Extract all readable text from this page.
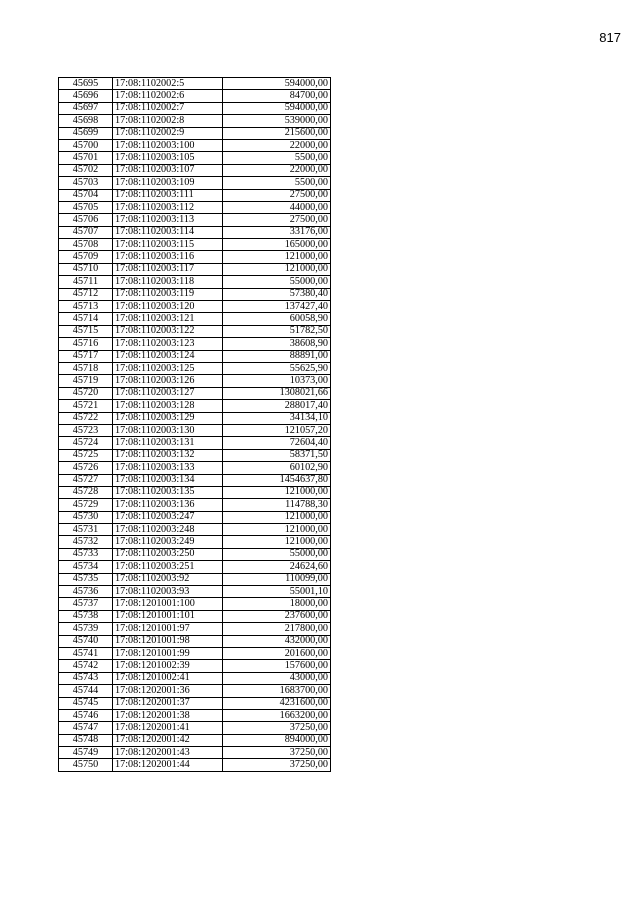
817
45695	17:08:1102002:5	594000,00
45696	17:08:1102002:6	84700,00
45697	17:08:1102002:7	594000,00
45698	17:08:1102002:8	539000,00
45699	17:08:1102002:9	215600,00
45700	17:08:1102003:100	22000,00
45701	17:08:1102003:105	5500,00
45702	17:08:1102003:107	22000,00
45703	17:08:1102003:109	5500,00
45704	17:08:1102003:111	27500,00
45705	17:08:1102003:112	44000,00
45706	17:08:1102003:113	27500,00
45707	17:08:1102003:114	33176,00
45708	17:08:1102003:115	165000,00
45709	17:08:1102003:116	121000,00
45710	17:08:1102003:117	121000,00
45711	17:08:1102003:118	55000,00
45712	17:08:1102003:119	57380,40
45713	17:08:1102003:120	137427,40
45714	17:08:1102003:121	60058,90
45715	17:08:1102003:122	51782,50
45716	17:08:1102003:123	38608,90
45717	17:08:1102003:124	88891,00
45718	17:08:1102003:125	55625,90
45719	17:08:1102003:126	10373,00
45720	17:08:1102003:127	1308021,66
45721	17:08:1102003:128	288017,40
45722	17:08:1102003:129	34134,10
45723	17:08:1102003:130	121057,20
45724	17:08:1102003:131	72604,40
45725	17:08:1102003:132	58371,50
45726	17:08:1102003:133	60102,90
45727	17:08:1102003:134	1454637,80
45728	17:08:1102003:135	121000,00
45729	17:08:1102003:136	114788,30
45730	17:08:1102003:247	121000,00
45731	17:08:1102003:248	121000,00
45732	17:08:1102003:249	121000,00
45733	17:08:1102003:250	55000,00
45734	17:08:1102003:251	24624,60
45735	17:08:1102003:92	110099,00
45736	17:08:1102003:93	55001,10
45737	17:08:1201001:100	18000,00
45738	17:08:1201001:101	237600,00
45739	17:08:1201001:97	217800,00
45740	17:08:1201001:98	432000,00
45741	17:08:1201001:99	201600,00
45742	17:08:1201002:39	157600,00
45743	17:08:1201002:41	43000,00
45744	17:08:1202001:36	1683700,00
45745	17:08:1202001:37	4231600,00
45746	17:08:1202001:38	1663200,00
45747	17:08:1202001:41	37250,00
45748	17:08:1202001:42	894000,00
45749	17:08:1202001:43	37250,00
45750	17:08:1202001:44	37250,00
